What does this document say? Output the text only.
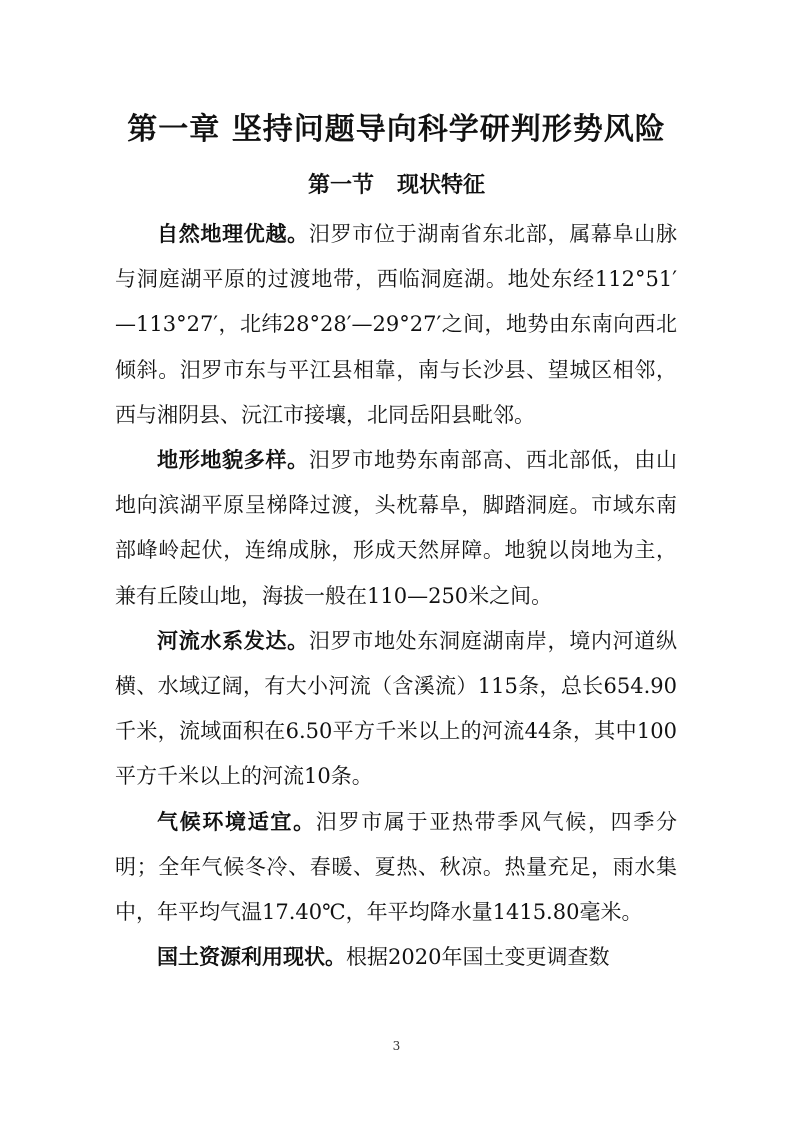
第一章 坚持问题导向科学研判形势风险
第一节   现状特征

自然地理优越。汨罗市位于湖南省东北部，属幕阜山脉与洞庭湖平原的过渡地带，西临洞庭湖。地处东经112°51′—113°27′，北纬28°28′—29°27′之间，地势由东南向西北倾斜。汨罗市东与平江县相靠，南与长沙县、望城区相邻，西与湘阴县、沅江市接壤，北同岳阳县毗邻。

地形地貌多样。汨罗市地势东南部高、西北部低，由山地向滨湖平原呈梯降过渡，头枕幕阜，脚踏洞庭。市域东南部峰岭起伏，连绵成脉，形成天然屏障。地貌以岗地为主，兼有丘陵山地，海拔一般在110—250米之间。

河流水系发达。汨罗市地处东洞庭湖南岸，境内河道纵横、水域辽阔，有大小河流（含溪流）115条，总长654.90千米，流域面积在6.50平方千米以上的河流44条，其中100平方千米以上的河流10条。

气候环境适宜。汨罗市属于亚热带季风气候，四季分明；全年气候冬冷、春暖、夏热、秋凉。热量充足，雨水集中，年平均气温17.40℃，年平均降水量1415.80毫米。

国土资源利用现状。根据2020年国土变更调查数

3
